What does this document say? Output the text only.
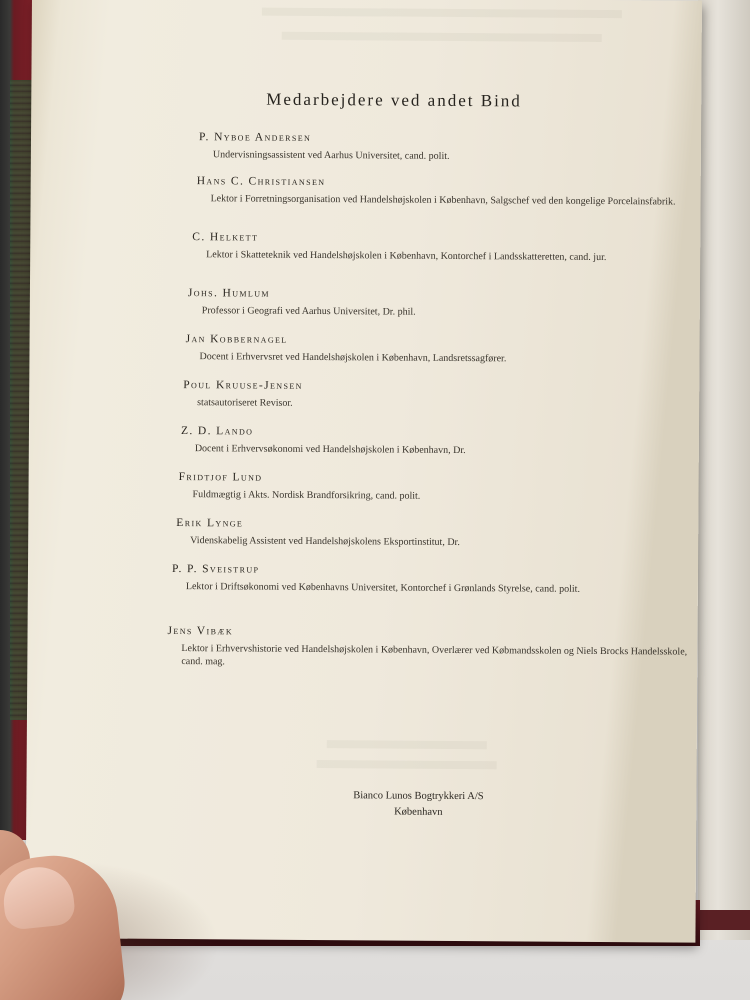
Medarbejdere ved andet Bind
P. Nyboe Andersen
Undervisningsassistent ved Aarhus Universitet, cand. polit.
Hans C. Christiansen
Lektor i Forretningsorganisation ved Handelshøjskolen i København, Salgschef ved den kongelige Porcelainsfabrik.
C. Helkett
Lektor i Skatteteknik ved Handelshøjskolen i København, Kontorchef i Landsskatteretten, cand. jur.
Johs. Humlum
Professor i Geografi ved Aarhus Universitet, Dr. phil.
Jan Kobbernagel
Docent i Erhvervsret ved Handelshøjskolen i København, Landsretssagfører.
Poul Kruuse-Jensen
statsautoriseret Revisor.
Z. D. Lando
Docent i Erhvervsøkonomi ved Handelshøjskolen i København, Dr.
Fridtjof Lund
Fuldmægtig i Akts. Nordisk Brandforsikring, cand. polit.
Erik Lynge
Videnskabelig Assistent ved Handelshøjskolens Eksportinstitut, Dr.
P. P. Sveistrup
Lektor i Driftsøkonomi ved Københavns Universitet, Kontorchef i Grønlands Styrelse, cand. polit.
Jens Vibæk
Lektor i Erhvervshistorie ved Handelshøjskolen i København, Overlærer ved Købmandsskolen og Niels Brocks Handelsskole, cand. mag.
Bianco Lunos Bogtrykkeri A/S
København
